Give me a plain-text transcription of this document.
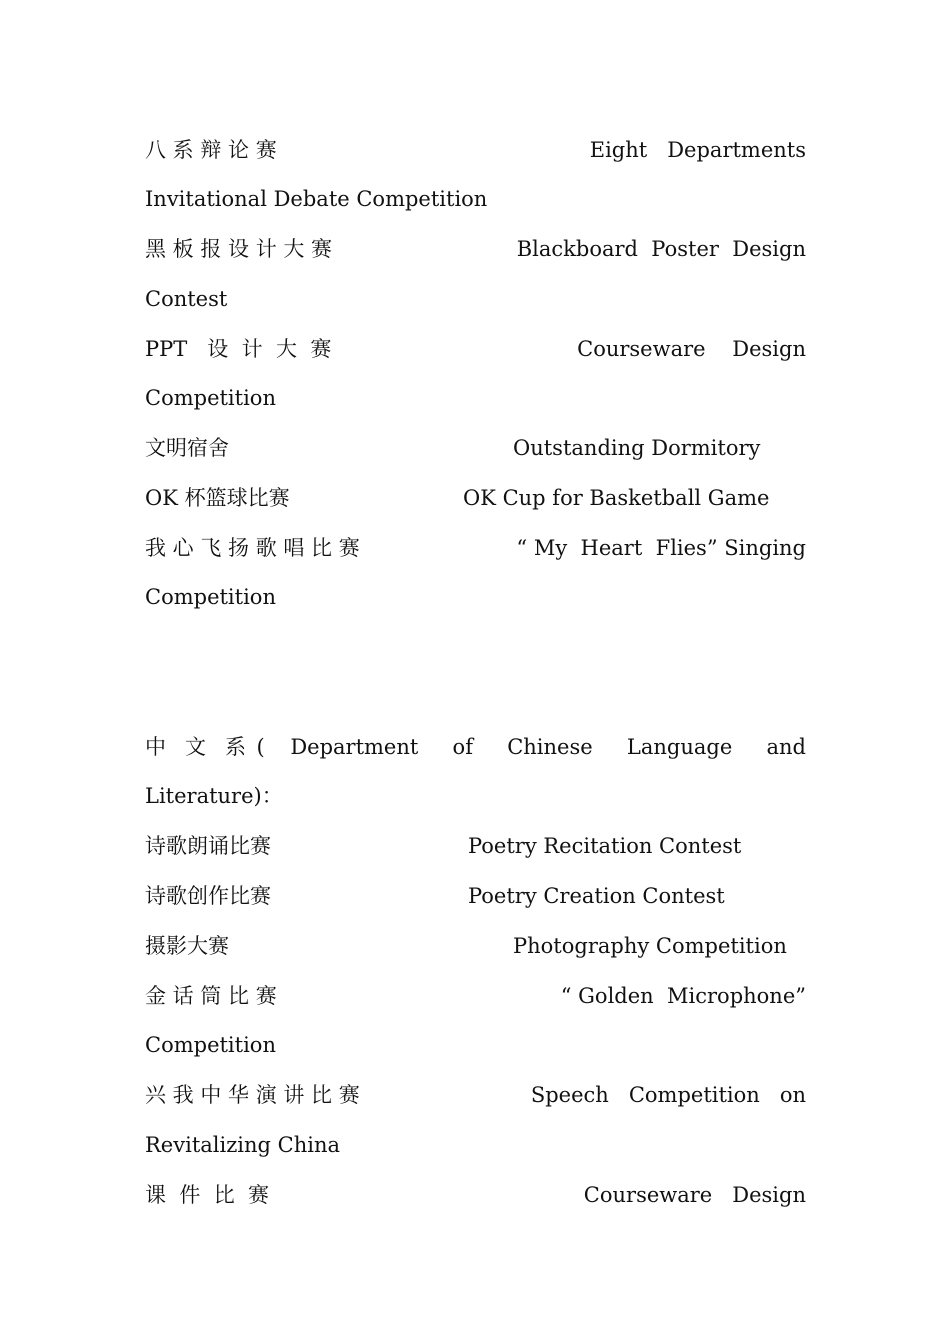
八 系 辩 论 赛	Eight   Departments
Invitational Debate Competition
黑 板 报 设 计 大 赛	Blackboard  Poster  Design
Contest
PPT   设  计  大  赛	Courseware    Design
Competition
文明宿舍	Outstanding Dormitory
OK 杯篮球比赛	OK Cup for Basketball Game
我 心 飞 扬 歌 唱 比 赛	“ My  Heart  Flies” Singing
Competition
中  文  系 (   Department    of    Chinese    Language    and
Literature)：
诗歌朗诵比赛	Poetry Recitation Contest
诗歌创作比赛	Poetry Creation Contest
摄影大赛	Photography Competition
金 话 筒 比 赛	“ Golden  Microphone”
Competition
兴 我 中 华 演 讲 比 赛	Speech   Competition   on
Revitalizing China
课  件  比  赛	Courseware   Design
